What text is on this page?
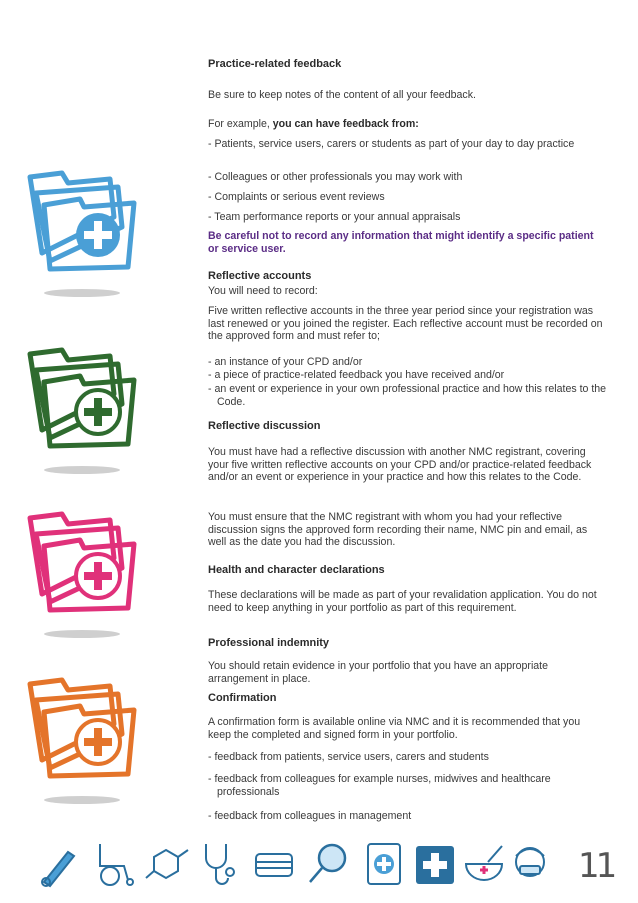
Practice-related feedback

Be sure to keep notes of the content of all your feedback.

For example, you can have feedback from:

- Patients, service users, carers or students as part of your day to day practice

- Colleagues or other professionals you may work with

- Complaints or serious event reviews

- Team performance reports or your annual appraisals

Be careful not to record any information that might identify a specific patient or service user.

Reflective accounts

You will need to record:

Five written reflective accounts in the three year period since your registration was last renewed or you joined the register. Each reflective account must be recorded on the approved form and must refer to;

- an instance of your CPD and/or

- a piece of practice-related feedback you have received and/or

- an event or experience in your own professional practice and how this relates to the Code.

Reflective discussion

You must have had a reflective discussion with another NMC registrant, covering your five written reflective accounts on your CPD and/or practice-related feedback and/or an event or experience in your practice and how this relates to the Code.

You must ensure that the NMC registrant with whom you had your reflective discussion signs the approved form recording their name, NMC pin and email, as well as the date you had the discussion.

Health and character declarations

These declarations will be made as part of your revalidation application. You do not need to keep anything in your portfolio as part of this requirement.

Professional indemnity

You should retain evidence in your portfolio that you have an appropriate arrangement in place.

Confirmation

A confirmation form is available online via NMC and it is recommended that you keep the completed and signed form in your portfolio.

- feedback from patients, service users, carers and students

- feedback from colleagues for example nurses, midwives and healthcare professionals

- feedback from colleagues in management

11
